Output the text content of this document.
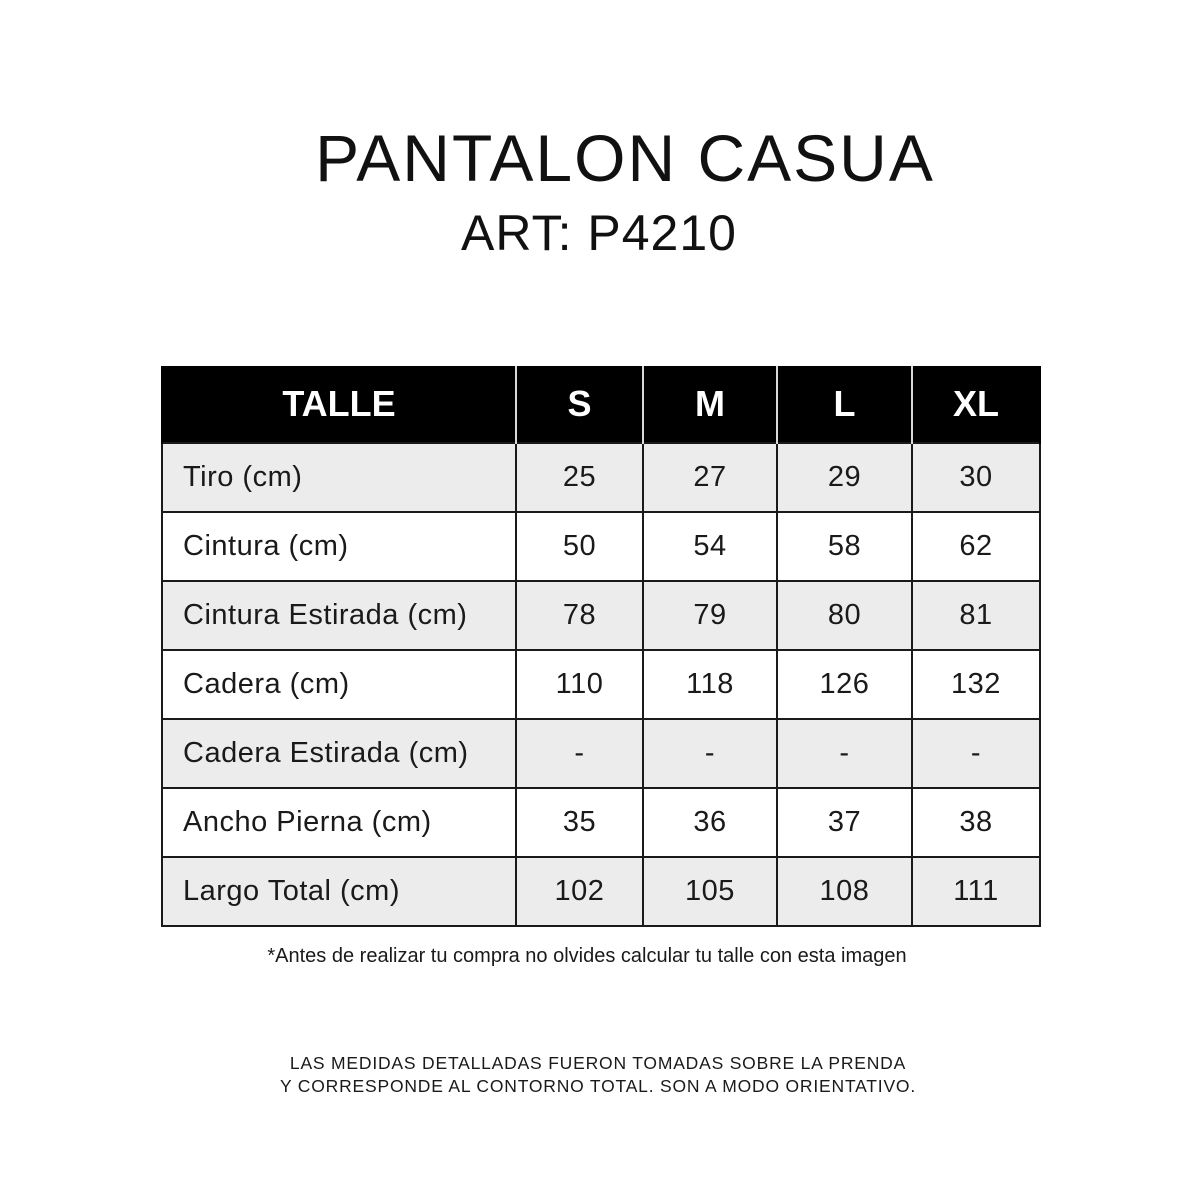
PANTALON CASUA
ART: P4210
TALLE	S	M	L	XL
Tiro (cm)	25	27	29	30
Cintura (cm)	50	54	58	62
Cintura Estirada (cm)	78	79	80	81
Cadera (cm)	110	118	126	132
Cadera Estirada (cm)	-	-	-	-
Ancho Pierna (cm)	35	36	37	38
Largo Total (cm)	102	105	108	111
*Antes de realizar tu compra no olvides calcular tu talle con esta imagen
LAS MEDIDAS DETALLADAS FUERON TOMADAS SOBRE LA PRENDA
Y CORRESPONDE AL CONTORNO TOTAL. SON A MODO ORIENTATIVO.
